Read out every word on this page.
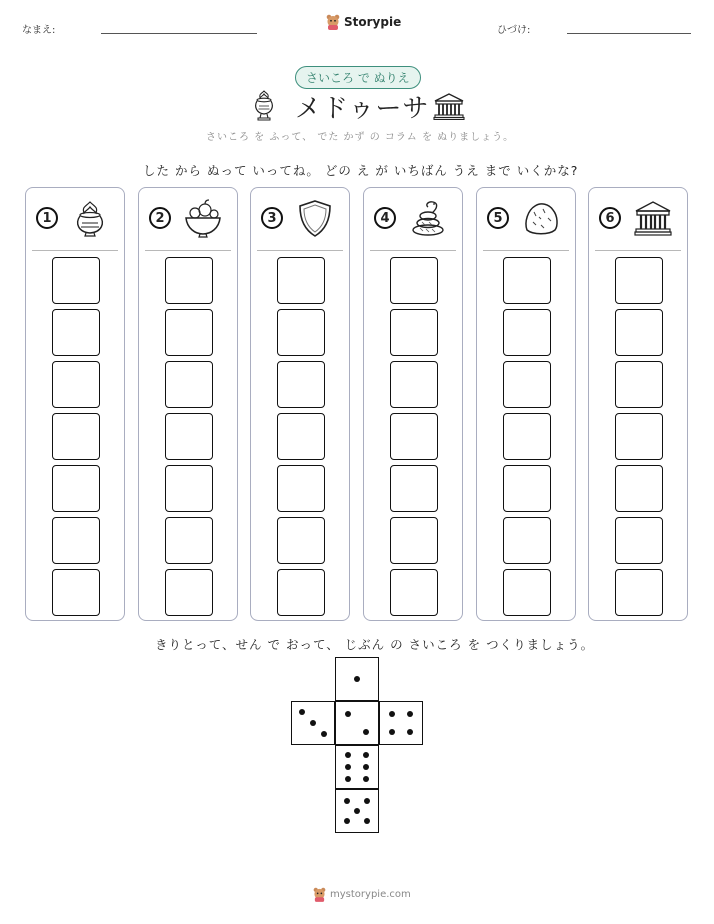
なまえ:
Storypie
ひづけ:
さいころ で ぬりえ
メドゥーサ
さいころ を ふって、 でた かず の コラム を ぬりましょう。
した から ぬって いってね。 どの え が いちばん うえ まで いくかな?
1	2	3	4	5	6
きりとって、せん で おって、 じぶん の さいころ を つくりましょう。
mystorypie.com
